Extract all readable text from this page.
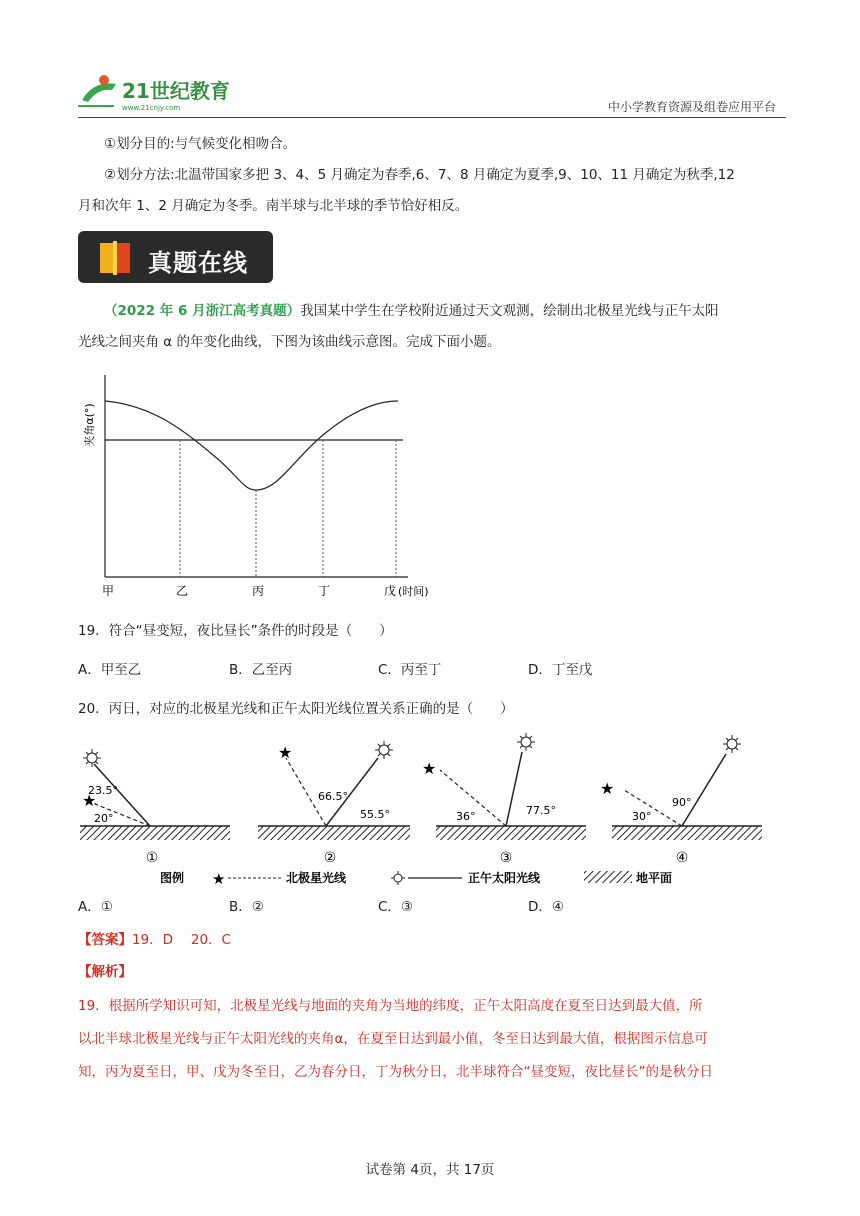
21世纪教育
www.21cnjy.com	中小学教育资源及组卷应用平台
①划分目的:与气候变化相吻合。
②划分方法:北温带国家多把 3、4、5 月确定为春季,6、7、8 月确定为夏季,9、10、11 月确定为秋季,12
月和次年 1、2 月确定为冬季。南半球与北半球的季节恰好相反。
真题在线
（2022 年 6 月浙江高考真题）我国某中学生在学校附近通过天文观测，绘制出北极星光线与正午太阳
光线之间夹角 α 的年变化曲线，下图为该曲线示意图。完成下面小题。
夹角α(°)
甲	乙	丙	丁	戊 (时间)
19．符合“昼变短，夜比昼长”条件的时段是（　　）
A．甲至乙	B．乙至丙	C．丙至丁	D．丁至戊
20．丙日，对应的北极星光线和正午太阳光线位置关系正确的是（　　）
★
23.5°
20°
①
★
66.5°
55.5°
②
★
36°	77.5°
③
★
90°
30°
④
图例 ★	北极星光线	正午太阳光线	地平面
A．①	B．②	C．③	D．④
【答案】19．D　 20．C
【解析】
19．根据所学知识可知，北极星光线与地面的夹角为当地的纬度，正午太阳高度在夏至日达到最大值，所
以北半球北极星光线与正午太阳光线的夹角α，在夏至日达到最小值，冬至日达到最大值，根据图示信息可
知，丙为夏至日，甲、戊为冬至日，乙为春分日，丁为秋分日，北半球符合“昼变短，夜比昼长”的是秋分日
试卷第 4页，共 17页
